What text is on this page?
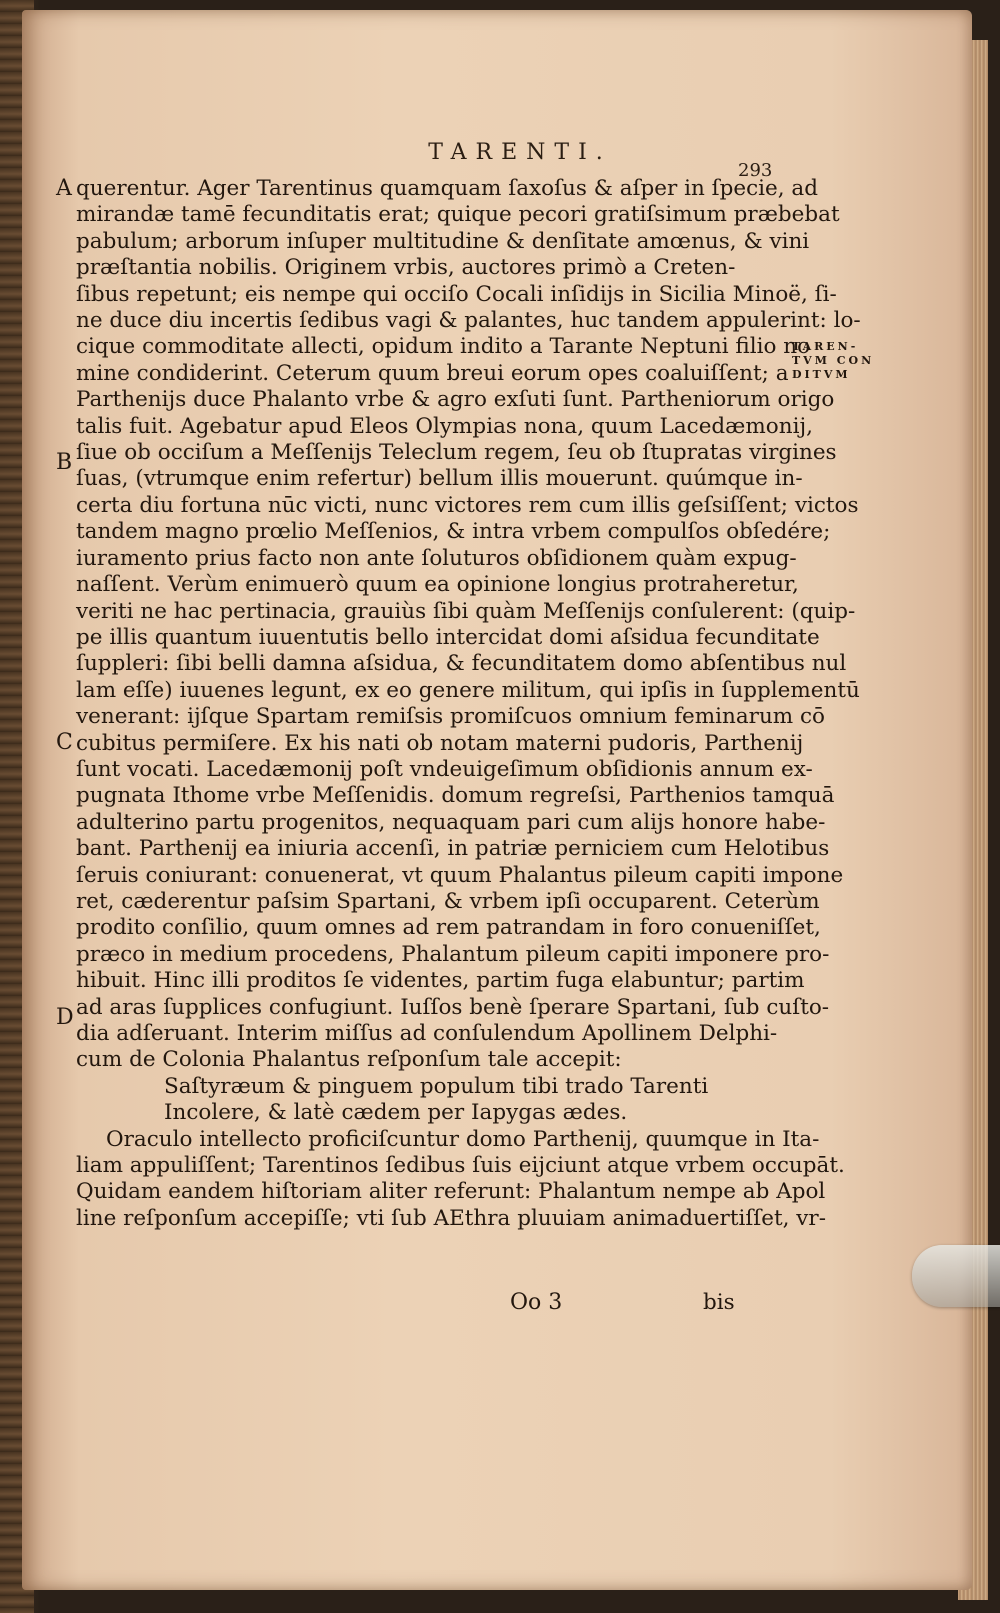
TARENTI.
293
A
B
C
D
TAREN-
TVM CON
DITVM
querentur. Ager Tarentinus quamquam ſaxoſus & aſper in ſpecie, ad
mirandæ tamē fecunditatis erat; quique pecori gratiſsimum præbebat
pabulum; arborum inſuper multitudine & denſitate amœnus, & vini
præſtantia nobilis. Originem vrbis, auctores primò a Creten-
ſibus repetunt; eis nempe qui occiſo Cocali inſidijs in Sicilia Minoë, ſi-
ne duce diu incertis ſedibus vagi & palantes, huc tandem appulerint: lo-
cique commoditate allecti, opidum indito a Tarante Neptuni filio no
mine condiderint. Ceterum quum breui eorum opes coaluiſſent; a
Parthenijs duce Phalanto vrbe & agro exſuti ſunt. Partheniorum origo
talis fuit. Agebatur apud Eleos Olympias nona, quum Lacedæmonij,
ſiue ob occiſum a Meſſenijs Teleclum regem, ſeu ob ſtupratas virgines
ſuas, (vtrumque enim refertur) bellum illis mouerunt. quúmque in-
certa diu fortuna nūc victi, nunc victores rem cum illis geſsiſſent; victos
tandem magno prœlio Meſſenios, & intra vrbem compulſos obſedére;
iuramento prius facto non ante ſoluturos obſidionem quàm expug-
naſſent. Verùm enimuerò quum ea opinione longius protraheretur,
veriti ne hac pertinacia, grauiùs ſibi quàm Meſſenijs conſulerent: (quip-
pe illis quantum iuuentutis bello intercidat domi aſsidua fecunditate
ſuppleri: ſibi belli damna aſsidua, & fecunditatem domo abſentibus nul
lam eſſe) iuuenes legunt, ex eo genere militum, qui ipſis in ſupplementū
venerant: ijſque Spartam remiſsis promiſcuos omnium feminarum cō
cubitus permiſere. Ex his nati ob notam materni pudoris, Parthenij
ſunt vocati. Lacedæmonij poſt vndeuigeſimum obſidionis annum ex-
pugnata Ithome vrbe Meſſenidis. domum regreſsi, Parthenios tamquā
adulterino partu progenitos, nequaquam pari cum alijs honore habe-
bant. Parthenij ea iniuria accenſi, in patriæ perniciem cum Helotibus
ſeruis coniurant: conuenerat, vt quum Phalantus pileum capiti impone
ret, cæderentur paſsim Spartani, & vrbem ipſi occuparent. Ceterùm
prodito conſilio, quum omnes ad rem patrandam in foro conueniſſet,
præco in medium procedens, Phalantum pileum capiti imponere pro-
hibuit. Hinc illi proditos ſe videntes, partim fuga elabuntur; partim
ad aras ſupplices confugiunt. Iuſſos benè ſperare Spartani, ſub cuſto-
dia adſeruant. Interim miſſus ad conſulendum Apollinem Delphi-
cum de Colonia Phalantus reſponſum tale accepit:
Saſtyræum & pinguem populum tibi trado Tarenti
Incolere, & latè cædem per Iapygas ædes.
Oraculo intellecto proficiſcuntur domo Parthenij, quumque in Ita-
liam appuliſſent; Tarentinos ſedibus ſuis eijciunt atque vrbem occupāt.
Quidam eandem hiſtoriam aliter referunt: Phalantum nempe ab Apol
line reſponſum accepiſſe; vti ſub AEthra pluuiam animaduertiſſet, vr-
Oo 3	bis
